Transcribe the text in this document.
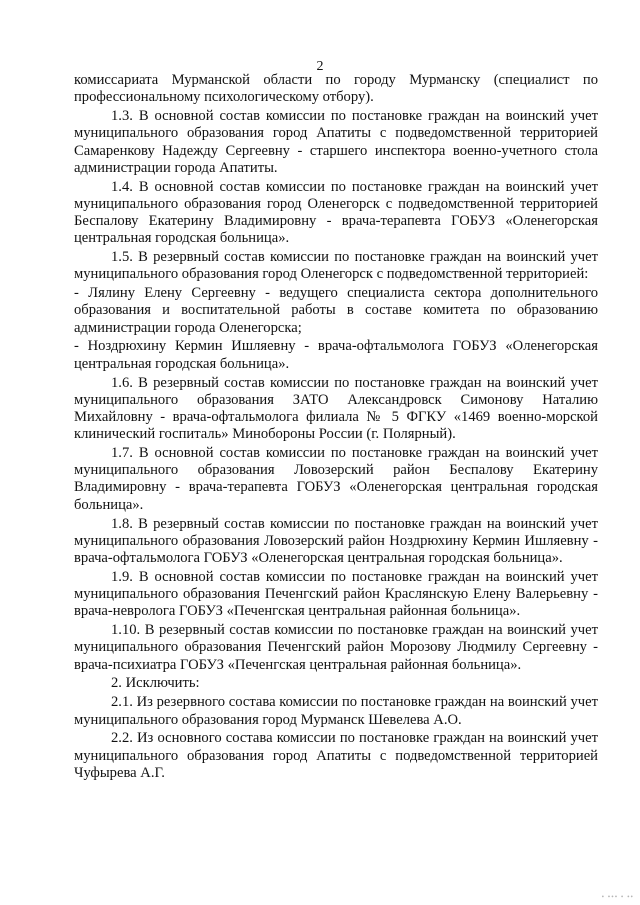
2

комиссариата Мурманской области по городу Мурманску (специалист по профессиональному психологическому отбору).

1.3. В основной состав комиссии по постановке граждан на воинский учет муниципального образования город Апатиты с подведомственной территорией Самаренкову Надежду Сергеевну - старшего инспектора военно-учетного стола администрации города Апатиты.

1.4. В основной состав комиссии по постановке граждан на воинский учет муниципального образования город Оленегорск с подведомственной территорией Беспалову Екатерину Владимировну - врача-терапевта ГОБУЗ «Оленегорская центральная городская больница».

1.5. В резервный состав комиссии по постановке граждан на воинский учет муниципального образования город Оленегорск с подведомственной территорией:

- Лялину Елену Сергеевну - ведущего специалиста сектора дополнительного образования и воспитательной работы в составе комитета по образованию администрации города Оленегорска;

- Ноздрюхину Кермин Ишляевну - врача-офтальмолога ГОБУЗ «Оленегорская центральная городская больница».

1.6. В резервный состав комиссии по постановке граждан на воинский учет муниципального образования ЗАТО Александровск Симонову Наталию Михайловну - врача-офтальмолога филиала № 5 ФГКУ «1469 военно-морской клинический госпиталь» Минобороны России (г. Полярный).

1.7. В основной состав комиссии по постановке граждан на воинский учет муниципального образования Ловозерский район Беспалову Екатерину Владимировну - врача-терапевта ГОБУЗ «Оленегорская центральная городская больница».

1.8. В резервный состав комиссии по постановке граждан на воинский учет муниципального образования Ловозерский район Ноздрюхину Кермин Ишляевну - врача-офтальмолога ГОБУЗ «Оленегорская центральная городская больница».

1.9. В основной состав комиссии по постановке граждан на воинский учет муниципального образования Печенгский район Краслянскую Елену Валерьевну - врача-невролога ГОБУЗ «Печенгская центральная районная больница».

1.10. В резервный состав комиссии по постановке граждан на воинский учет муниципального образования Печенгский район Морозову Людмилу Сергеевну - врача-психиатра ГОБУЗ «Печенгская центральная районная больница».

2. Исключить:

2.1. Из резервного состава комиссии по постановке граждан на воинский учет муниципального образования город Мурманск Шевелева А.О.

2.2. Из основного состава комиссии по постановке граждан на воинский учет муниципального образования город Апатиты с подведомственной территорией Чуфырева А.Г.

• ••• • ••
